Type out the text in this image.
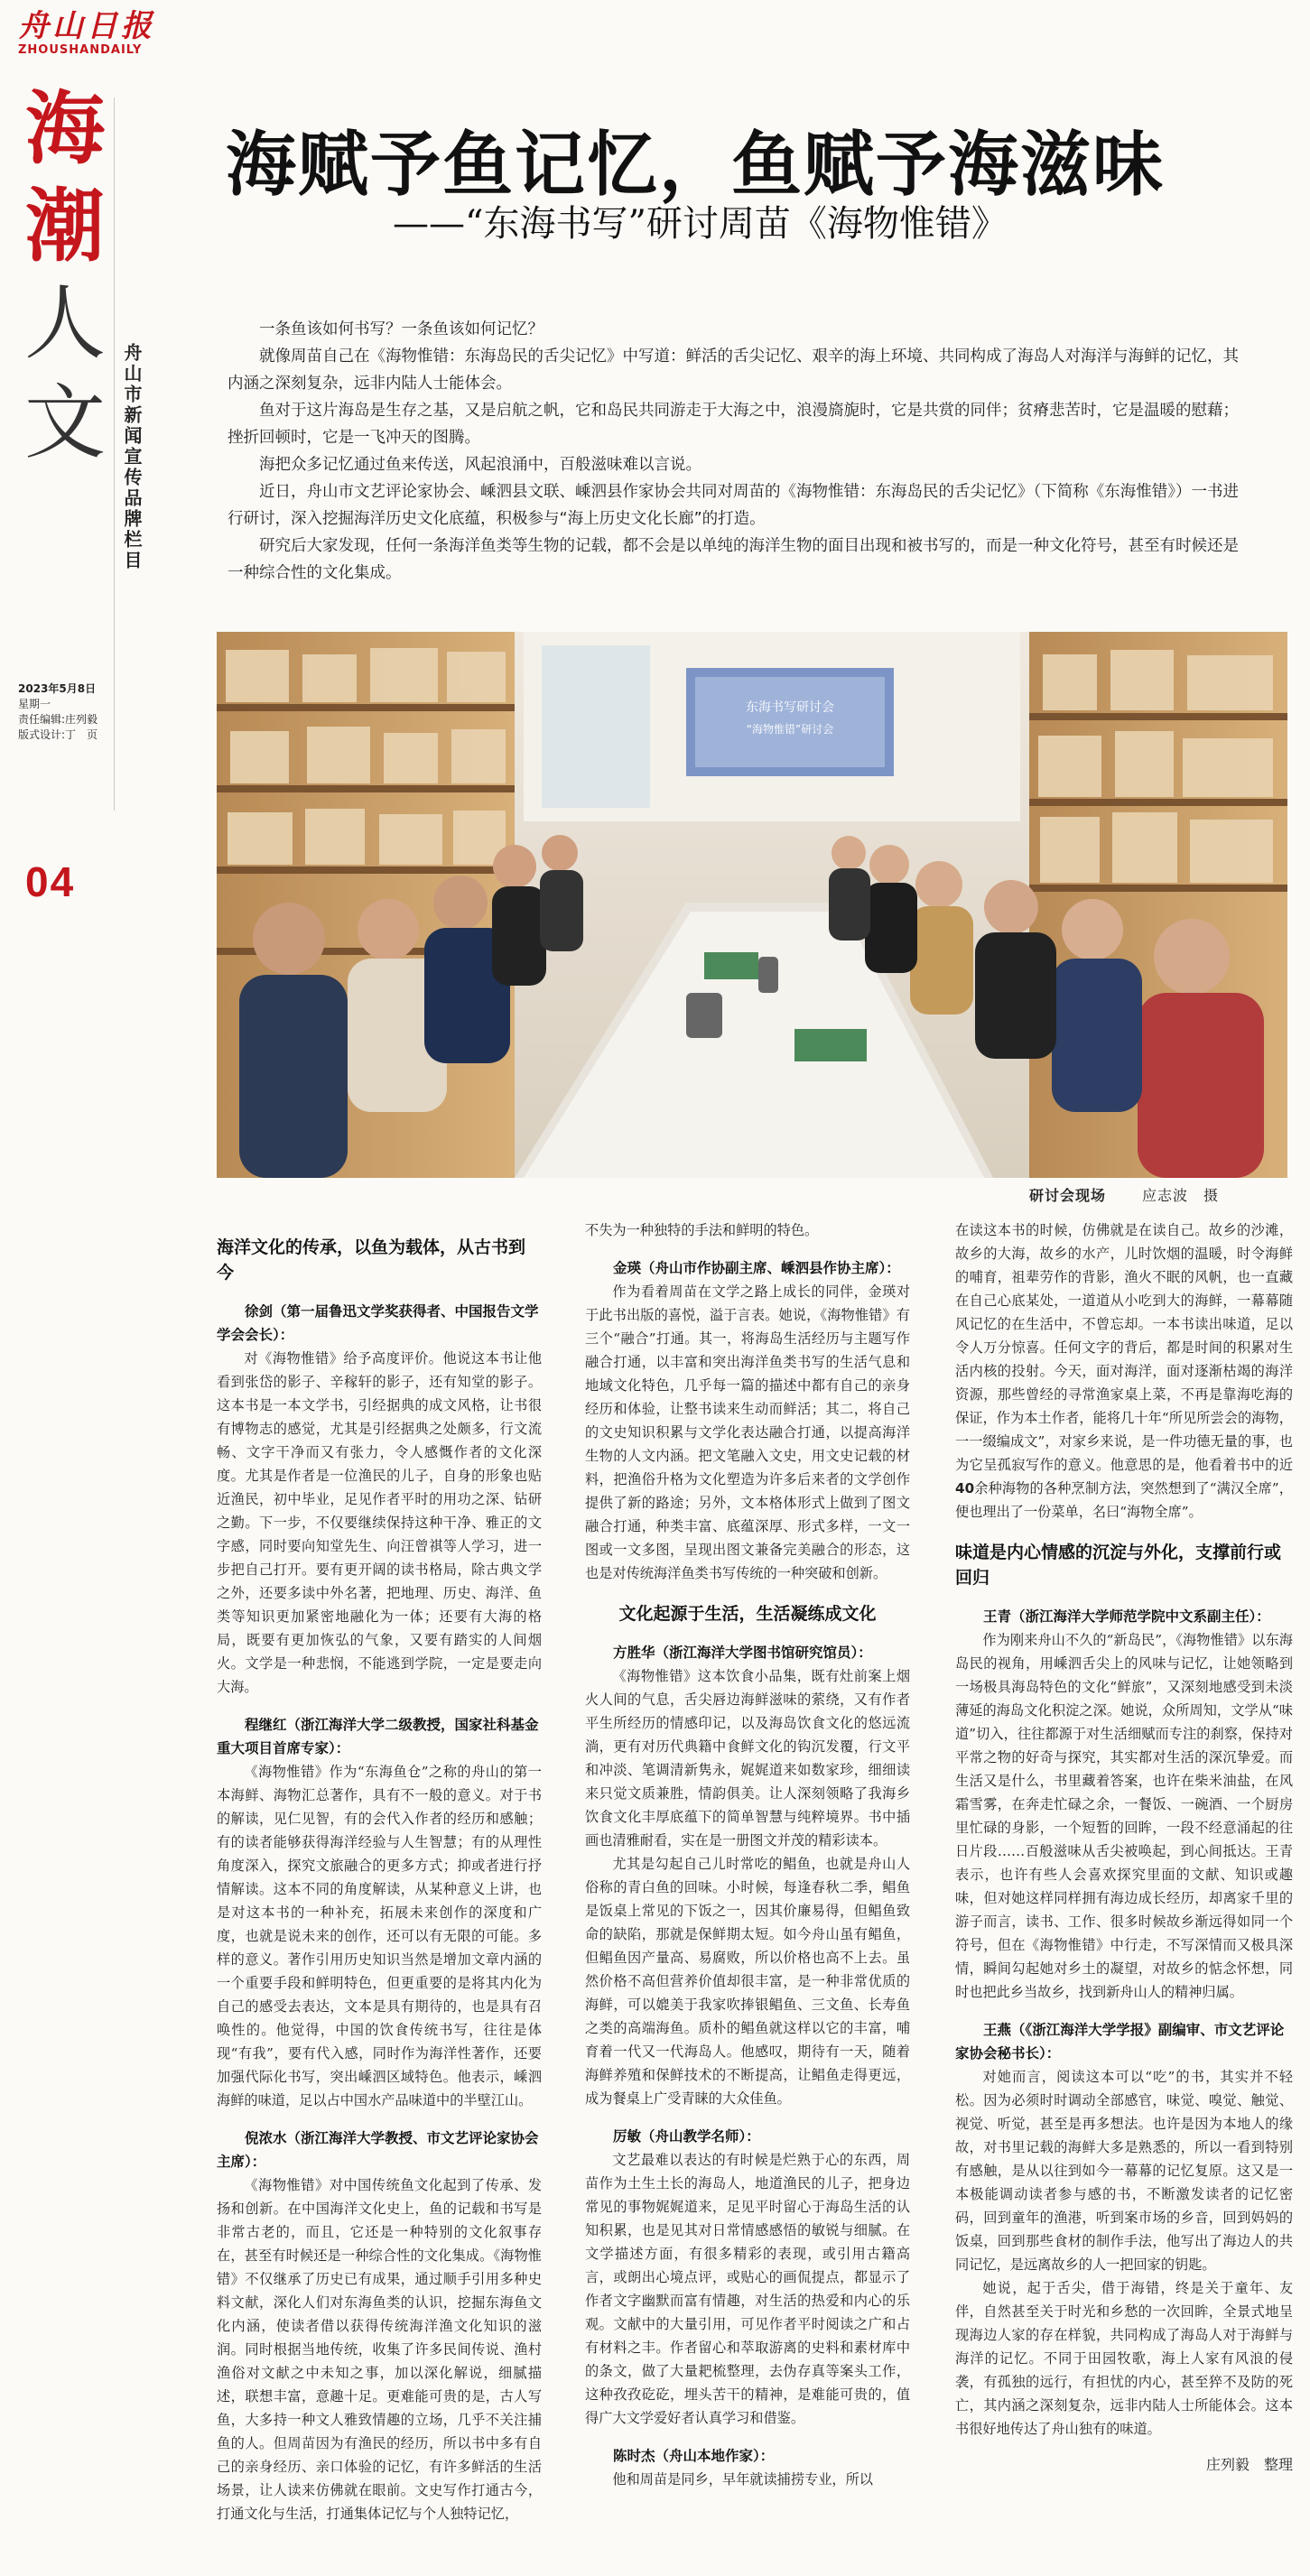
舟山日报
ZHOUSHANDAILY
海
潮
人
文 舟山市新闻宣传品牌栏目
2023年5月8日
星期一
责任编辑:庄列毅
版式设计:丁　页
04
海赋予鱼记忆，鱼赋予海滋味
——“东海书写”研讨周苗《海物惟错》

一条鱼该如何书写？一条鱼该如何记忆？

就像周苗自己在《海物惟错：东海岛民的舌尖记忆》中写道：鲜活的舌尖记忆、艰辛的海上环境、共同构成了海岛人对海洋与海鲜的记忆，其内涵之深刻复杂，远非内陆人士能体会。

鱼对于这片海岛是生存之基，又是启航之帆，它和岛民共同游走于大海之中，浪漫旖旎时，它是共赏的同伴；贫瘠悲苦时，它是温暖的慰藉；挫折回顿时，它是一飞冲天的图腾。

海把众多记忆通过鱼来传送，风起浪涌中，百般滋味难以言说。

近日，舟山市文艺评论家协会、嵊泗县文联、嵊泗县作家协会共同对周苗的《海物惟错：东海岛民的舌尖记忆》（下简称《东海惟错》）一书进行研讨，深入挖掘海洋历史文化底蕴，积极参与“海上历史文化长廊”的打造。

研究后大家发现，任何一条海洋鱼类等生物的记载，都不会是以单纯的海洋生物的面目出现和被书写的，而是一种文化符号，甚至有时候还是一种综合性的文化集成。

东海书写研讨会
“海物惟错”研讨会
研讨会现场	应志波　摄
海洋文化的传承，以鱼为载体，从古书到今
徐剑（第一届鲁迅文学奖获得者、中国报告文学学会会长）：

对《海物惟错》给予高度评价。他说这本书让他看到张岱的影子、辛稼轩的影子，还有知堂的影子。这本书是一本文学书，引经据典的成文风格，让书很有博物志的感觉，尤其是引经据典之处颇多，行文流畅、文字干净而又有张力，令人感慨作者的文化深度。尤其是作者是一位渔民的儿子，自身的形象也贴近渔民，初中毕业，足见作者平时的用功之深、钻研之勤。下一步，不仅要继续保持这种干净、雅正的文字感，同时要向知堂先生、向汪曾祺等人学习，进一步把自己打开。要有更开阔的读书格局，除古典文学之外，还要多读中外名著，把地理、历史、海洋、鱼类等知识更加紧密地融化为一体；还要有大海的格局，既要有更加恢弘的气象，又要有踏实的人间烟火。文学是一种悲悯，不能逃到学院，一定是要走向大海。

程继红（浙江海洋大学二级教授，国家社科基金重大项目首席专家）：

《海物惟错》作为“东海鱼仓”之称的舟山的第一本海鲜、海物汇总著作，具有不一般的意义。对于书的解读，见仁见智，有的会代入作者的经历和感触；有的读者能够获得海洋经验与人生智慧；有的从理性角度深入，探究文旅融合的更多方式；抑或者进行抒情解读。这本不同的角度解读，从某种意义上讲，也是对这本书的一种补充，拓展未来创作的深度和广度，也就是说未来的创作，还可以有无限的可能。多样的意义。著作引用历史知识当然是增加文章内涵的一个重要手段和鲜明特色，但更重要的是将其内化为自己的感受去表达，文本是具有期待的，也是具有召唤性的。他觉得，中国的饮食传统书写，往往是体现“有我”，要有代入感，同时作为海洋性著作，还要加强代际化书写，突出嵊泗区域特色。他表示，嵊泗海鲜的味道，足以占中国水产品味道中的半壁江山。

倪浓水（浙江海洋大学教授、市文艺评论家协会主席）：

《海物惟错》对中国传统鱼文化起到了传承、发扬和创新。在中国海洋文化史上，鱼的记载和书写是非常古老的，而且，它还是一种特别的文化叙事存在，甚至有时候还是一种综合性的文化集成。《海物惟错》不仅继承了历史已有成果，通过顺手引用多种史料文献，深化人们对东海鱼类的认识，挖掘东海鱼文化内涵，使读者借以获得传统海洋渔文化知识的滋润。同时根据当地传统，收集了许多民间传说、渔村渔俗对文献之中未知之事，加以深化解说，细腻描述，联想丰富，意趣十足。更难能可贵的是，古人写鱼，大多持一种文人雅致情趣的立场，几乎不关注捕鱼的人。但周苗因为有渔民的经历，所以书中多有自己的亲身经历、亲口体验的记忆，有许多鲜活的生活场景，让人读来仿佛就在眼前。文史写作打通古今，打通文化与生活，打通集体记忆与个人独特记忆，

不失为一种独特的手法和鲜明的特色。

金瑛（舟山市作协副主席、嵊泗县作协主席）：

作为看着周苗在文学之路上成长的同伴，金瑛对于此书出版的喜悦，溢于言表。她说，《海物惟错》有三个“融合”打通。其一，将海岛生活经历与主题写作融合打通，以丰富和突出海洋鱼类书写的生活气息和地域文化特色，几乎每一篇的描述中都有自己的亲身经历和体验，让整书读来生动而鲜活；其二，将自己的文史知识积累与文学化表达融合打通，以提高海洋生物的人文内涵。把文笔融入文史，用文史记载的材料，把渔俗升格为文化塑造为许多后来者的文学创作提供了新的路途；另外，文本格体形式上做到了图文融合打通，种类丰富、底蕴深厚、形式多样，一文一图或一文多图，呈现出图文兼备完美融合的形态，这也是对传统海洋鱼类书写传统的一种突破和创新。

文化起源于生活，生活凝练成文化
方胜华（浙江海洋大学图书馆研究馆员）：

《海物惟错》这本饮食小品集，既有灶前案上烟火人间的气息，舌尖唇边海鲜滋味的萦绕，又有作者平生所经历的情感印记，以及海岛饮食文化的悠远流淌，更有对历代典籍中食鲜文化的钩沉发覆，行文平和冲淡、笔调清新隽永，娓娓道来如数家珍，细细读来只觉文质兼胜，情韵俱美。让人深刻领略了我海乡饮食文化丰厚底蕴下的简单智慧与纯粹境界。书中插画也清雅耐看，实在是一册图文并茂的精彩读本。

尤其是勾起自己儿时常吃的鲳鱼，也就是舟山人俗称的青白鱼的回味。小时候，每逢春秋二季，鲳鱼是饭桌上常见的下饭之一，因其价廉易得，但鲳鱼致命的缺陷，那就是保鲜期太短。如今舟山虽有鲳鱼，但鲳鱼因产量高、易腐败，所以价格也高不上去。虽然价格不高但营养价值却很丰富，是一种非常优质的海鲜，可以媲美于我家吹捧银鲳鱼、三文鱼、长寿鱼之类的高端海鱼。质朴的鲳鱼就这样以它的丰富，哺育着一代又一代海岛人。他感叹，期待有一天，随着海鲜养殖和保鲜技术的不断提高，让鲳鱼走得更远，成为餐桌上广受青睐的大众佳鱼。

厉敏（舟山教学名师）：

文艺最难以表达的有时候是烂熟于心的东西，周苗作为土生土长的海岛人，地道渔民的儿子，把身边常见的事物娓娓道来，足见平时留心于海岛生活的认知积累，也是见其对日常情感感悟的敏锐与细腻。在文学描述方面，有很多精彩的表现，或引用古籍高言，或朗出心境点评，或贴心的画侃提点，都显示了作者文字幽默而富有情趣，对生活的热爱和内心的乐观。文献中的大量引用，可见作者平时阅读之广和占有材料之丰。作者留心和萃取游离的史料和素材库中的条文，做了大量耙梳整理，去伪存真等案头工作，这种孜孜矻矻，埋头苦干的精神，是难能可贵的，值得广大文学爱好者认真学习和借鉴。

陈时杰（舟山本地作家）：

他和周苗是同乡，早年就读捕捞专业，所以

在读这本书的时候，仿佛就是在读自己。故乡的沙滩，故乡的大海，故乡的水产，儿时饮烟的温暖，时令海鲜的哺育，祖辈劳作的背影，渔火不眠的风帆，也一直藏在自己心底某处，一道道从小吃到大的海鲜，一幕幕随风记忆的在生活中，不曾忘却。一本书读出味道，足以令人万分惊喜。任何文字的背后，都是时间的积累对生活内核的投射。今天，面对海洋，面对逐渐枯竭的海洋资源，那些曾经的寻常渔家桌上菜，不再是靠海吃海的保证，作为本土作者，能将几十年“所见所尝会的海物，一一缀编成文”，对家乡来说，是一件功德无量的事，也为它呈孤寂写作的意义。他意思的是，他看着书中的近40余种海物的各种烹制方法，突然想到了“满汉全席”，便也理出了一份菜单，名曰“海物全席”。

味道是内心情感的沉淀与外化，支撑前行或回归
王青（浙江海洋大学师范学院中文系副主任）：

作为刚来舟山不久的“新岛民”，《海物惟错》以东海岛民的视角，用嵊泗舌尖上的风味与记忆，让她领略到一场极具海岛特色的文化“鲜旅”，又深刻地感受到未淡薄延的海岛文化积淀之深。她说，众所周知，文学从“味道”切入，往往都源于对生活细赋而专注的刹察，保持对平常之物的好奇与探究，其实都对生活的深沉挚爱。而生活又是什么，书里藏着答案，也许在柴米油盐，在风霜雪雾，在奔走忙碌之余，一餐饭、一碗酒、一个厨房里忙碌的身影，一个短暂的回眸，一段不经意涌起的往日片段……百般滋味从舌尖被唤起，到心间抵达。王青表示，也许有些人会喜欢探究里面的文献、知识或趣味，但对她这样同样拥有海边成长经历，却离家千里的游子而言，读书、工作、很多时候故乡渐远得如同一个符号，但在《海物惟错》中行走，不写深情而又极具深情，瞬间勾起她对乡土的凝望，对故乡的惦念怀想，同时也把此乡当故乡，找到新舟山人的精神归属。

王燕（《浙江海洋大学学报》副编审、市文艺评论家协会秘书长）：

对她而言，阅读这本可以“吃”的书，其实并不轻松。因为必须时时调动全部感官，味觉、嗅觉、触觉、视觉、听觉，甚至是再多想法。也许是因为本地人的缘故，对书里记载的海鲜大多是熟悉的，所以一看到特别有感触，是从以往到如今一幕幕的记忆复原。这又是一本极能调动读者参与感的书，不断激发读者的记忆密码，回到童年的渔港，听到案市场的乡音，回到妈妈的饭桌，回到那些食材的制作手法，他写出了海边人的共同记忆，是远离故乡的人一把回家的钥匙。

她说，起于舌尖，借于海错，终是关于童年、友伴，自然甚至关于时光和乡愁的一次回眸，全景式地呈现海边人家的存在样貌，共同构成了海岛人对于海鲜与海洋的记忆。不同于田园牧歌，海上人家有风浪的侵袭，有孤独的远行，有担忧的内心，甚至猝不及防的死亡，其内涵之深刻复杂，远非内陆人士所能体会。这本书很好地传达了舟山独有的味道。

庄列毅　整理
